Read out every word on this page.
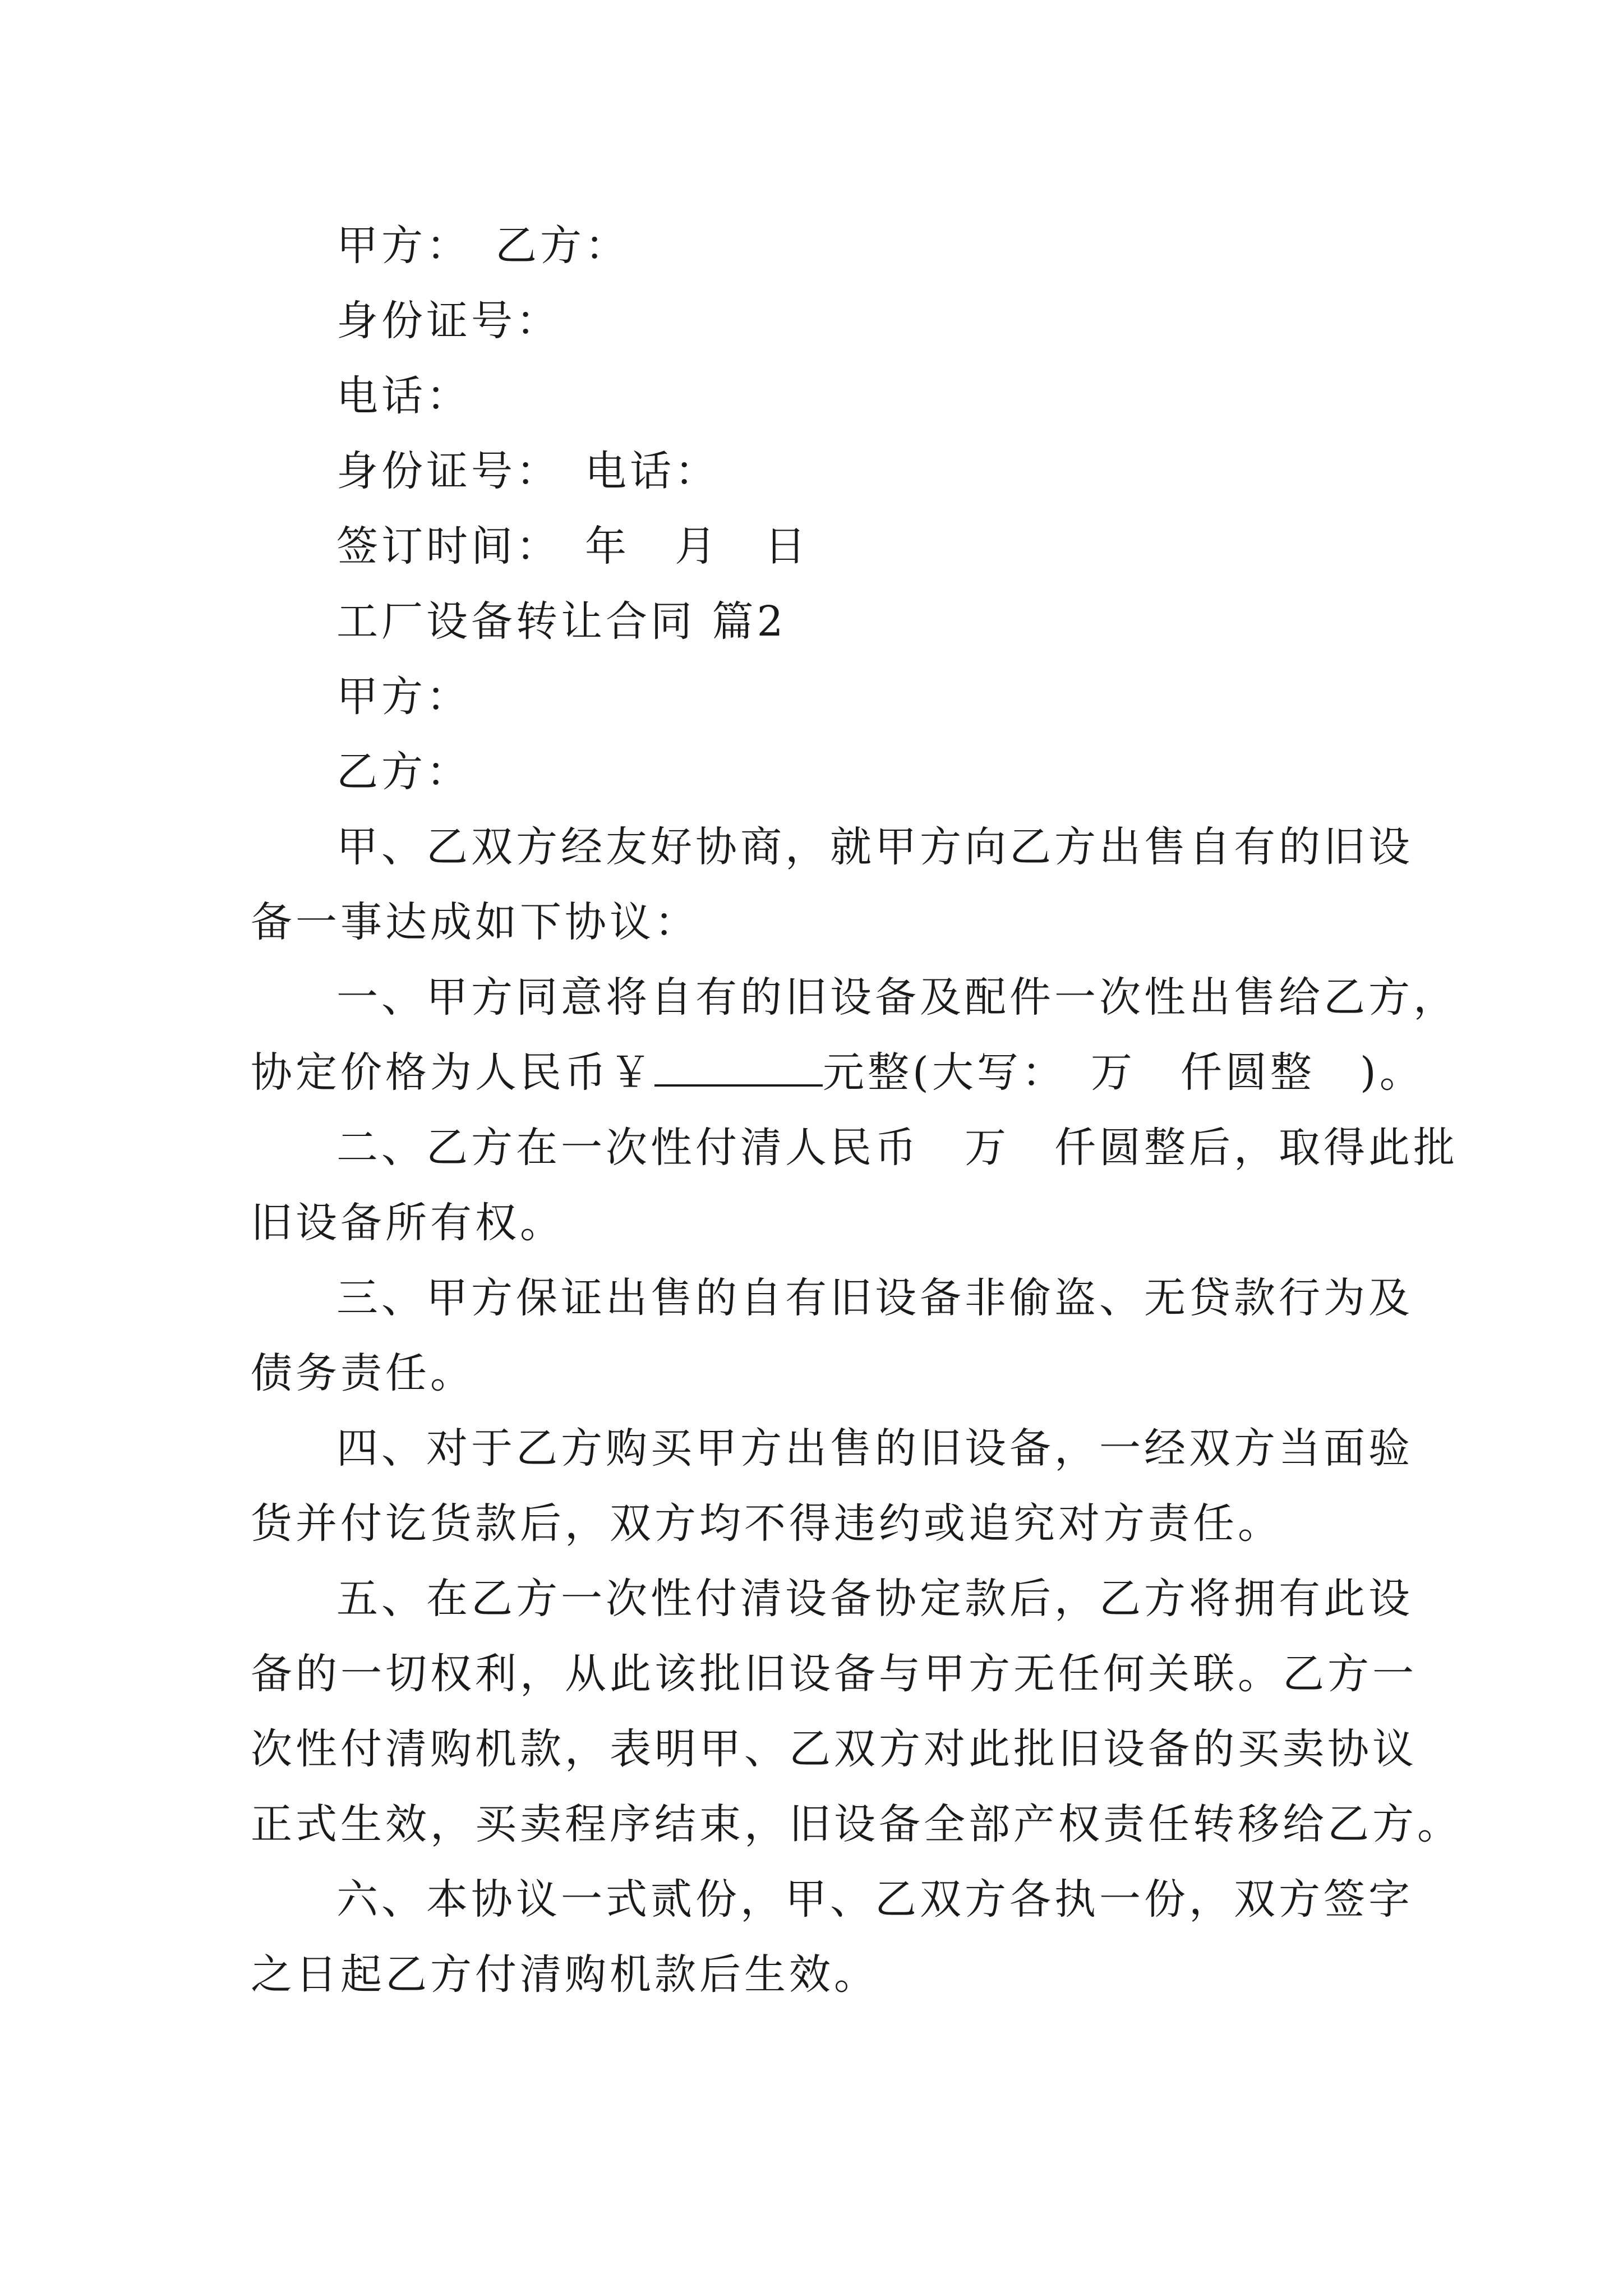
甲方：　乙方：

身份证号：

电话：

身份证号：　电话：

签订时间：　年　月　日

工厂设备转让合同 篇2

甲方：

乙方：

甲、乙双方经友好协商，就甲方向乙方出售自有的旧设

备一事达成如下协议：

一、甲方同意将自有的旧设备及配件一次性出售给乙方，

协定价格为人民币￥	元整(大写：　万　仟圆整　)。

二、乙方在一次性付清人民币　万　仟圆整后，取得此批

旧设备所有权。

三、甲方保证出售的自有旧设备非偷盗、无贷款行为及

债务责任。

四、对于乙方购买甲方出售的旧设备，一经双方当面验

货并付讫货款后，双方均不得违约或追究对方责任。

五、在乙方一次性付清设备协定款后，乙方将拥有此设

备的一切权利，从此该批旧设备与甲方无任何关联。乙方一

次性付清购机款，表明甲、乙双方对此批旧设备的买卖协议

正式生效，买卖程序结束，旧设备全部产权责任转移给乙方。

六、本协议一式贰份，甲、乙双方各执一份，双方签字

之日起乙方付清购机款后生效。
